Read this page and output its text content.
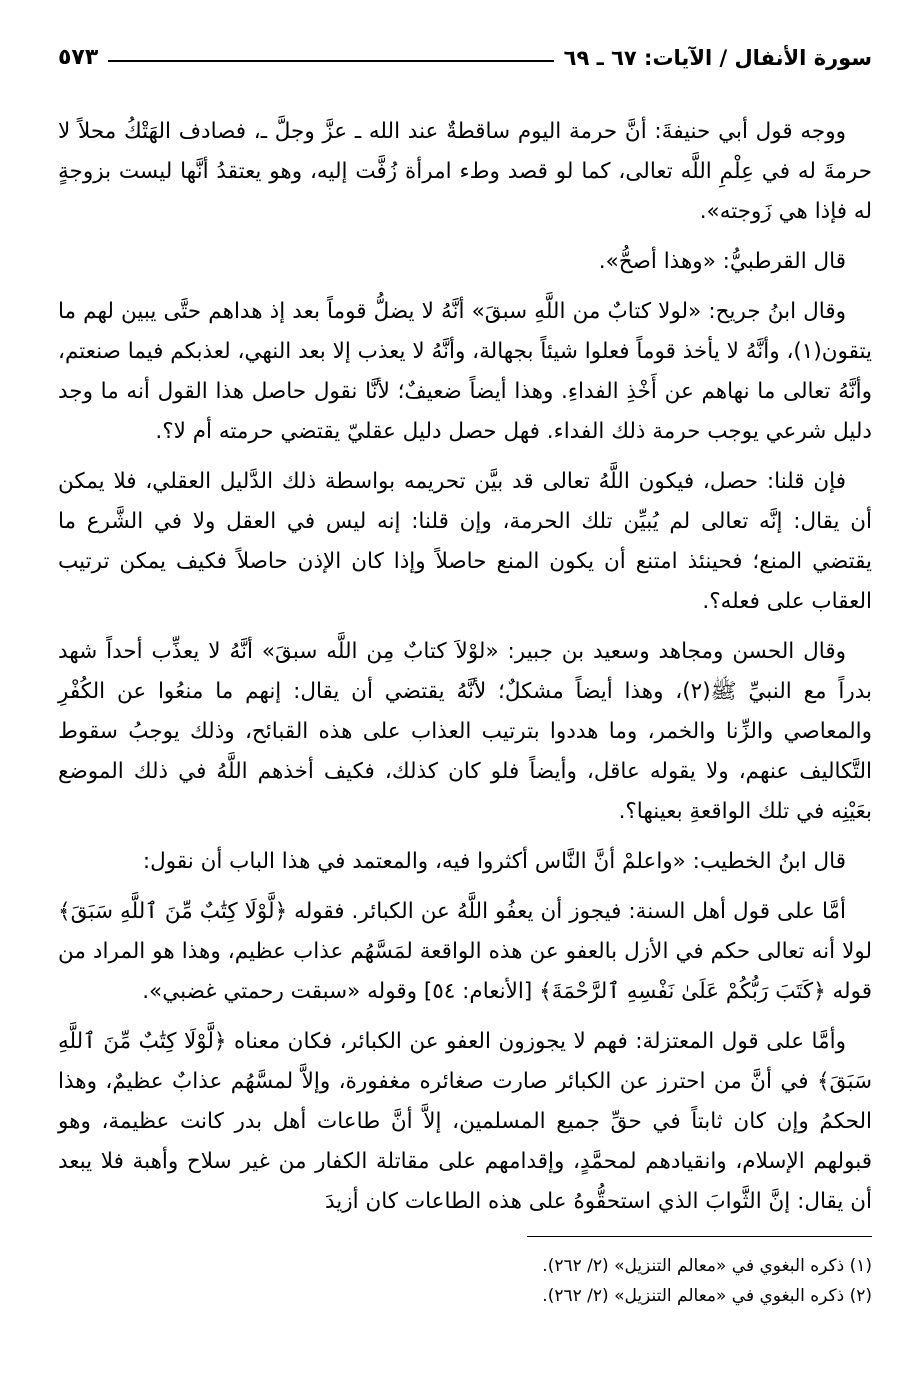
سورة الأنفال / الآيات: ٦٧ ـ ٦٩
٥٧٣

ووجه قول أبي حنيفةَ: أنَّ حرمة اليوم ساقطةٌ عند الله ـ عزَّ وجلَّ ـ، فصادف الهَتْكُ محلاً لا حرمةَ له في عِلْمِ اللَّه تعالى، كما لو قصد وطء امرأة زُفَّت إليه، وهو يعتقدُ أنَّها ليست بزوجةٍ له فإذا هي زَوجته».

قال القرطبيُّ: «وهذا أصحُّ».

وقال ابنُ جريح: «لولا كتابٌ من اللَّهِ سبقَ» أنَّهُ لا يضلُّ قوماً بعد إذ هداهم حتَّى يبين لهم ما يتقون(١)، وأنَّهُ لا يأخذ قوماً فعلوا شيئاً بجهالة، وأنَّهُ لا يعذب إلا بعد النهي، لعذبكم فيما صنعتم، وأنَّهُ تعالى ما نهاهم عن أَخْذِ الفداءِ. وهذا أيضاً ضعيفٌ؛ لأنَّا نقول حاصل هذا القول أنه ما وجد دليل شرعي يوجب حرمة ذلك الفداء. فهل حصل دليل عقليّ يقتضي حرمته أم لا؟.

فإن قلنا: حصل، فيكون اللَّهُ تعالى قد بيَّن تحريمه بواسطة ذلك الدَّليل العقلي، فلا يمكن أن يقال: إنَّه تعالى لم يُبيِّن تلك الحرمة، وإن قلنا: إنه ليس في العقل ولا في الشَّرع ما يقتضي المنع؛ فحينئذ امتنع أن يكون المنع حاصلاً وإذا كان الإذن حاصلاً فكيف يمكن ترتيب العقاب على فعله؟.

وقال الحسن ومجاهد وسعيد بن جبير: «لوْلاَ كتابٌ مِن اللَّه سبقَ» أنَّهُ لا يعذِّب أحداً شهد بدراً مع النبيِّ ﷺ(٢)، وهذا أيضاً مشكلٌ؛ لأنَّهُ يقتضي أن يقال: إنهم ما منعُوا عن الكُفْرِ والمعاصي والزِّنا والخمر، وما هددوا بترتيب العذاب على هذه القبائح، وذلك يوجبُ سقوط التَّكاليف عنهم، ولا يقوله عاقل، وأيضاً فلو كان كذلك، فكيف أخذهم اللَّهُ في ذلك الموضع بعَيْنِه في تلك الواقعةِ بعينها؟.

قال ابنُ الخطيب: «واعلمْ أنَّ النَّاس أكثروا فيه، والمعتمد في هذا الباب أن نقول:

أمَّا على قول أهل السنة: فيجوز أن يعفُو اللَّهُ عن الكبائر. فقوله ﴿لَّوْلَا كِتَٰبٌ مِّنَ ٱللَّهِ سَبَقَ﴾ لولا أنه تعالى حكم في الأزل بالعفو عن هذه الواقعة لمَسَّهُم عذاب عظيم، وهذا هو المراد من قوله ﴿كَتَبَ رَبُّكُمْ عَلَىٰ نَفْسِهِ ٱلرَّحْمَةَ﴾ [الأنعام: ٥٤] وقوله «سبقت رحمتي غضبي».

وأمَّا على قول المعتزلة: فهم لا يجوزون العفو عن الكبائر، فكان معناه ﴿لَّوْلَا كِتَٰبٌ مِّنَ ٱللَّهِ سَبَقَ﴾ في أنَّ من احترز عن الكبائر صارت صغائره مغفورة، وإلاَّ لمسَّهُم عذابٌ عظيمٌ، وهذا الحكمُ وإن كان ثابتاً في حقِّ جميع المسلمين، إلاَّ أنَّ طاعات أهل بدر كانت عظيمة، وهو قبولهم الإسلام، وانقيادهم لمحمَّدٍ، وإقدامهم على مقاتلة الكفار من غير سلاح وأهبة فلا يبعد أن يقال: إنَّ الثَّوابَ الذي استحقُّوهُ على هذه الطاعات كان أزيدَ

(١) ذكره البغوي في «معالم التنزيل» (٢/ ٢٦٢).

(٢) ذكره البغوي في «معالم التنزيل» (٢/ ٢٦٢).
